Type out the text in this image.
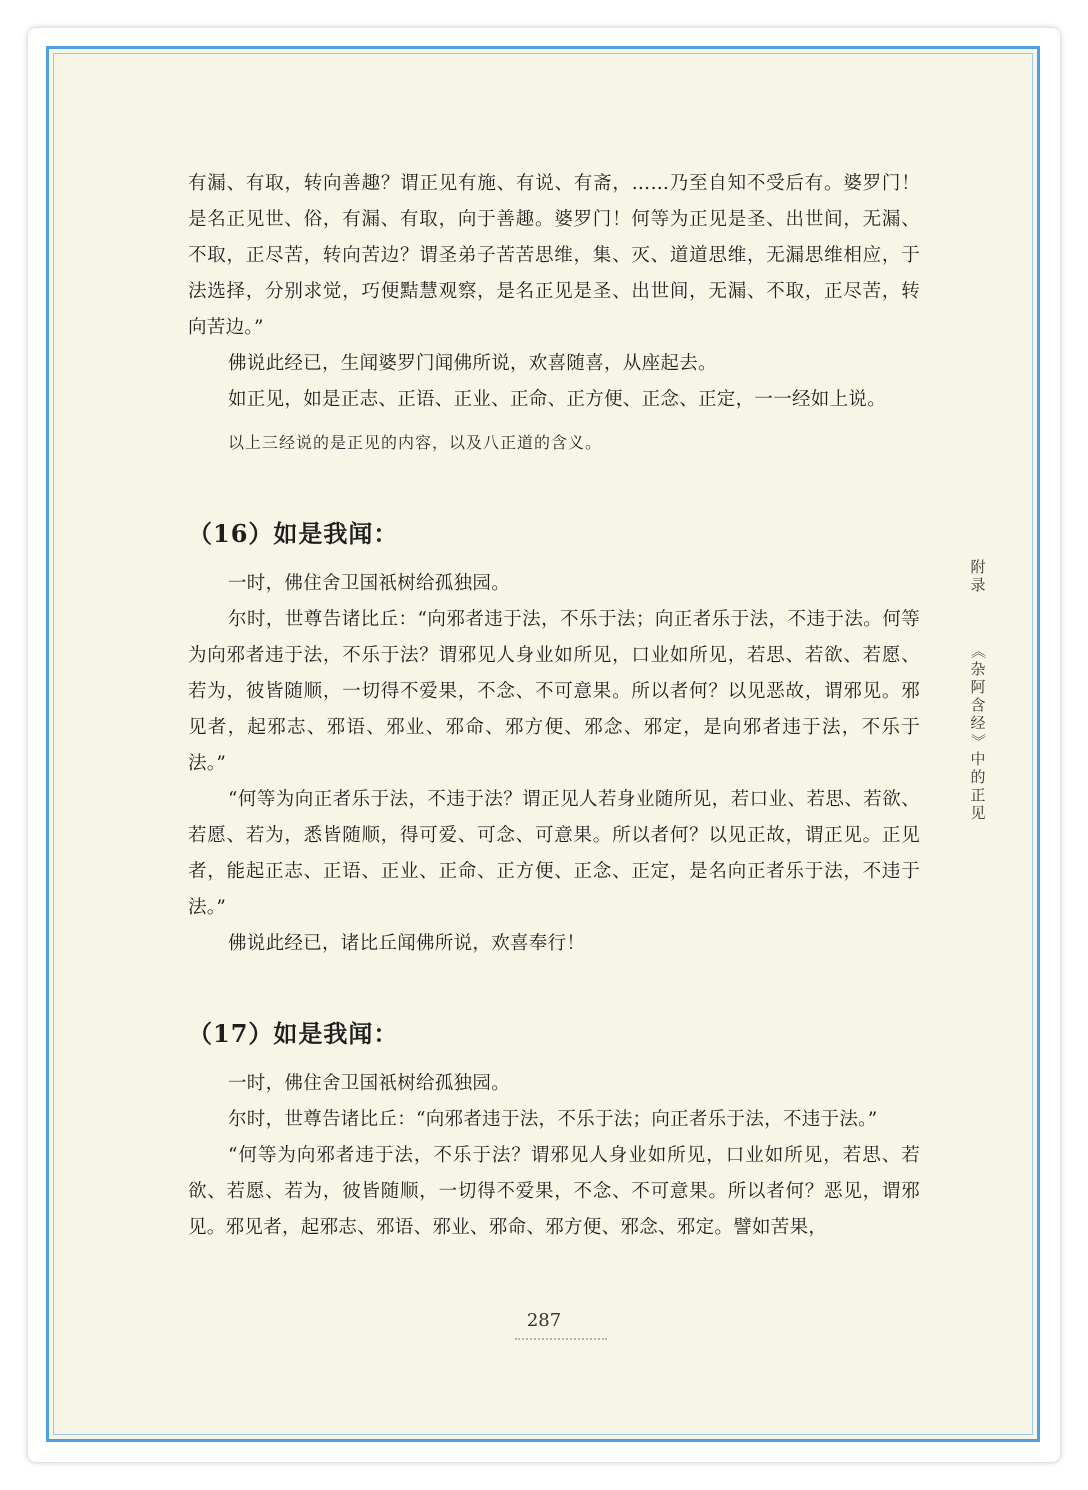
有漏、有取，转向善趣？谓正见有施、有说、有斋，……乃至自知不受后有。婆罗门！是名正见世、俗，有漏、有取，向于善趣。婆罗门！何等为正见是圣、出世间，无漏、不取，正尽苦，转向苦边？谓圣弟子苦苦思维，集、灭、道道思维，无漏思维相应，于法选择，分别求觉，巧便黠慧观察，是名正见是圣、出世间，无漏、不取，正尽苦，转向苦边。”

佛说此经已，生闻婆罗门闻佛所说，欢喜随喜，从座起去。

如正见，如是正志、正语、正业、正命、正方便、正念、正定，一一经如上说。

以上三经说的是正见的内容，以及八正道的含义。

（16）如是我闻：

一时，佛住舍卫国祇树给孤独园。

尔时，世尊告诸比丘：“向邪者违于法，不乐于法；向正者乐于法，不违于法。何等为向邪者违于法，不乐于法？谓邪见人身业如所见，口业如所见，若思、若欲、若愿、若为，彼皆随顺，一切得不爱果，不念、不可意果。所以者何？以见恶故，谓邪见。邪见者，起邪志、邪语、邪业、邪命、邪方便、邪念、邪定，是向邪者违于法，不乐于法。”

“何等为向正者乐于法，不违于法？谓正见人若身业随所见，若口业、若思、若欲、若愿、若为，悉皆随顺，得可爱、可念、可意果。所以者何？以见正故，谓正见。正见者，能起正志、正语、正业、正命、正方便、正念、正定，是名向正者乐于法，不违于法。”

佛说此经已，诸比丘闻佛所说，欢喜奉行！

（17）如是我闻：

一时，佛住舍卫国祇树给孤独园。

尔时，世尊告诸比丘：“向邪者违于法，不乐于法；向正者乐于法，不违于法。”

“何等为向邪者违于法，不乐于法？谓邪见人身业如所见，口业如所见，若思、若欲、若愿、若为，彼皆随顺，一切得不爱果，不念、不可意果。所以者何？恶见，谓邪见。邪见者，起邪志、邪语、邪业、邪命、邪方便、邪念、邪定。譬如苦果，

附
录
《
杂
阿
含
经
》
中
的
正
见
287
